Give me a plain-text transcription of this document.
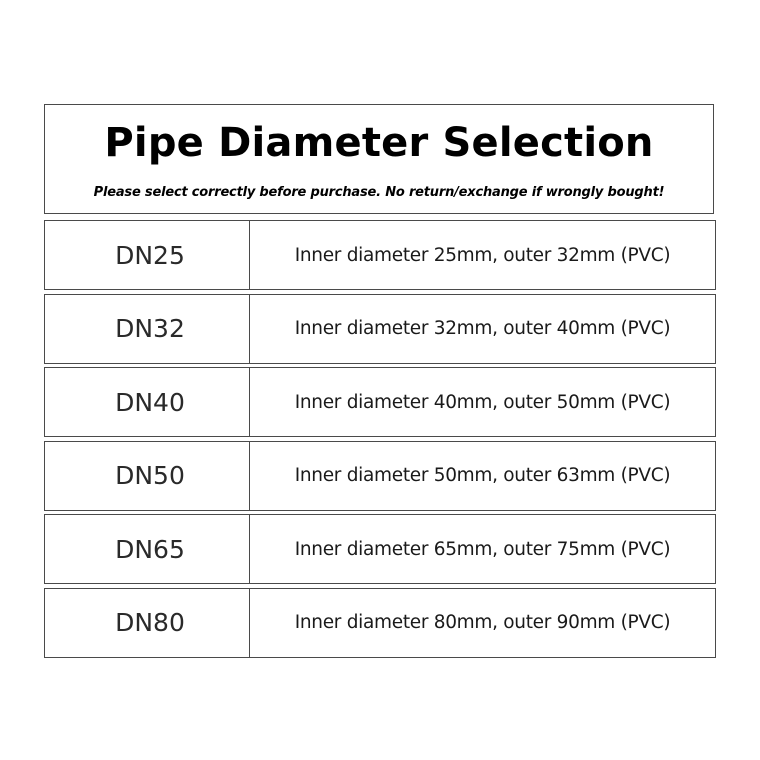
Pipe Diameter Selection
Please select correctly before purchase. No return/exchange if wrongly bought!
DN25	Inner diameter 25mm, outer 32mm (PVC)
DN32	Inner diameter 32mm, outer 40mm (PVC)
DN40	Inner diameter 40mm, outer 50mm (PVC)
DN50	Inner diameter 50mm, outer 63mm (PVC)
DN65	Inner diameter 65mm, outer 75mm (PVC)
DN80	Inner diameter 80mm, outer 90mm (PVC)
